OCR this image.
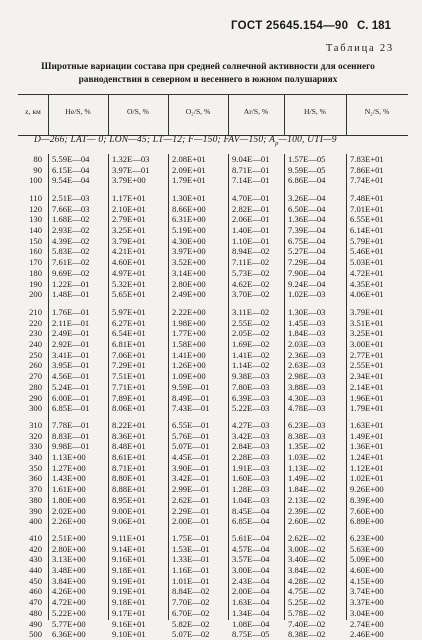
ГОСТ 25645.154—90 С. 181
Таблица 23
Широтные вариации состава при средней солнечной активности для осеннего
равноденствия в северном и весеннего в южном полушариях
z, км	He/S, %	O/S, %	O₂/S, %	Ar/S, %	H/S, %	N₂/S, %
D—266; LAT— 0; LON—45; LT—12; F—150; FAV—150; $A_p—100$, UTI—9
80 5.59E—04	1.32E—03	2.08E+01	9.04E—01 1.57E—05	7.83E+01
90 6.15E—04	3.97E—01	2.09E+01	8.71E—01 9.59E—05	7.86E+01
100 9.54E—04	3.79E+00	1.79E+01	7.14E—01 6.86E—04	7.74E+01
110 2.51E—03	1.17E+01	1.30E+01	4.70E—01 3.26E—04	7.48E+01
120 7.66E—03	2.10E+01	8.66E+00	2.82E—01 6.50E—04	7.01E+01
130 1.68E—02	2.79E+01	6.31E+00	2.06E—01 1.36E—04	6.55E+01
140 2.93E—02	3.25E+01	5.19E+00	1.40E—01 7.39E—04	6.14E+01
150 4.39E—02	3.79E+01	4.30E+00	1.10E—01 6.75E—04	5.79E+01
160 5.83E—02	4.21E+01	3.97E+00	8.94E—02 5.27E—04	5.46E+01
170 7.61E—02	4.60E+01	3.52E+00	7.11E—02 7.29E—04	5.03E+01
180 9.69E—02	4.97E+01	3.14E+00	5.73E—02 7.90E—04	4.72E+01
190 1.22E—01	5.32E+01	2.80E+00	4.62E—02 9.24E—04	4.35E+01
200 1.48E—01	5.65E+01	2.49E+00	3.70E—02 1.02E—03	4.06E+01
210 1.76E—01	5.97E+01	2.22E+00	3.11E—02 1.30E—03	3.79E+01
220 2.11E—01	6.27E+01	1.98E+00	2.55E—02 1.45E—03	3.51E+01
230 2.49E—01	6.54E+01	1.77E+00	2.05E—02 1.84E—03	3.25E+01
240 2.92E—01	6.81E+01	1.58E+00	1.69E—02 2.03E—03	3.00E+01
250 3.41E—01	7.06E+01	1.41E+00	1.41E—02 2.36E—03	2.77E+01
260 3.95E—01	7.29E+01	1.26E+00	1.14E—02 2.63E—03	2.55E+01
270 4.56E—01	7.51E+01	1.09E+00	9.38E—03 2.98E—03	2.34E+01
280 5.24E—01	7.71E+01	9.59E—01	7.80E—03 3.88E—03	2.14E+01
290 6.00E—01	7.89E+01	8.49E—01	6.39E—03 4.30E—03	1.96E+01
300 6.85E—01	8.06E+01	7.43E—01	5.22E—03 4.78E—03	1.79E+01
310 7.78E—01	8.22E+01	6.55E—01	4.27E—03 6.23E—03	1.63E+01
320 8.83E—01	8.36E+01	5.76E—01	3.42E—03 8.38E—03	1.49E+01
330 9.98E—01	8.48E+01	5.07E—01	2.84E—03 1.35E—02	1.36E+01
340 1.13E+00	8.61E+01	4.45E—01	2.28E—03 1.03E—02	1.24E+01
350 1.27E+00	8.71E+01	3.90E—01	1.91E—03 1.13E—02	1.12E+01
360 1.43E+00	8.80E+01	3.42E—01	1.60E—03 1.49E—02	1.02E+01
370 1.61E+00	8.88E+01	2.99E—01	1.28E—03 1.84E—02	9.26E+00
380 1.80E+00	8.95E+01	2.62E—01	1.04E—03 2.13E—02	8.39E+00
390 2.02E+00	9.00E+01	2.29E—01	8.45E—04 2.39E—02	7.60E+00
400 2.26E+00	9.06E+01	2.00E—01	6.85E—04 2.60E—02	6.89E+00
410 2.51E+00	9.11E+01	1.75E—01	5.61E—04 2.62E—02	6.23E+00
420 2.80E+00	9.14E+01	1.53E—01	4.57E—04 3.00E—02	5.63E+00
430 3.13E+00	9.16E+01	1.33E—01	3.57E—04 3.40E—02	5.09E+00
440 3.48E+00	9.18E+01	1.16E—01	3.00E—04 3.84E—02	4.60E+00
450 3.84E+00	9.19E+01	1.01E—01	2.43E—04 4.28E—02	4.15E+00
460 4.26E+00	9.19E+01	8.84E—02	2.00E—04 4.75E—02	3.74E+00
470 4.72E+00	9.18E+01	7.70E—02	1.63E—04 5.25E—02	3.37E+00
480 5.22E+00	9.17E+01	6.70E—02	1.34E—04 5.78E—02	3.04E+00
490 5.77E+00	9.16E+01	5.82E—02	1.08E—04 7.40E—02	2.74E+00
500 6.36E+00	9.10E+01	5.07E—02	8.75E—05 8.38E—02	2.46E+00
